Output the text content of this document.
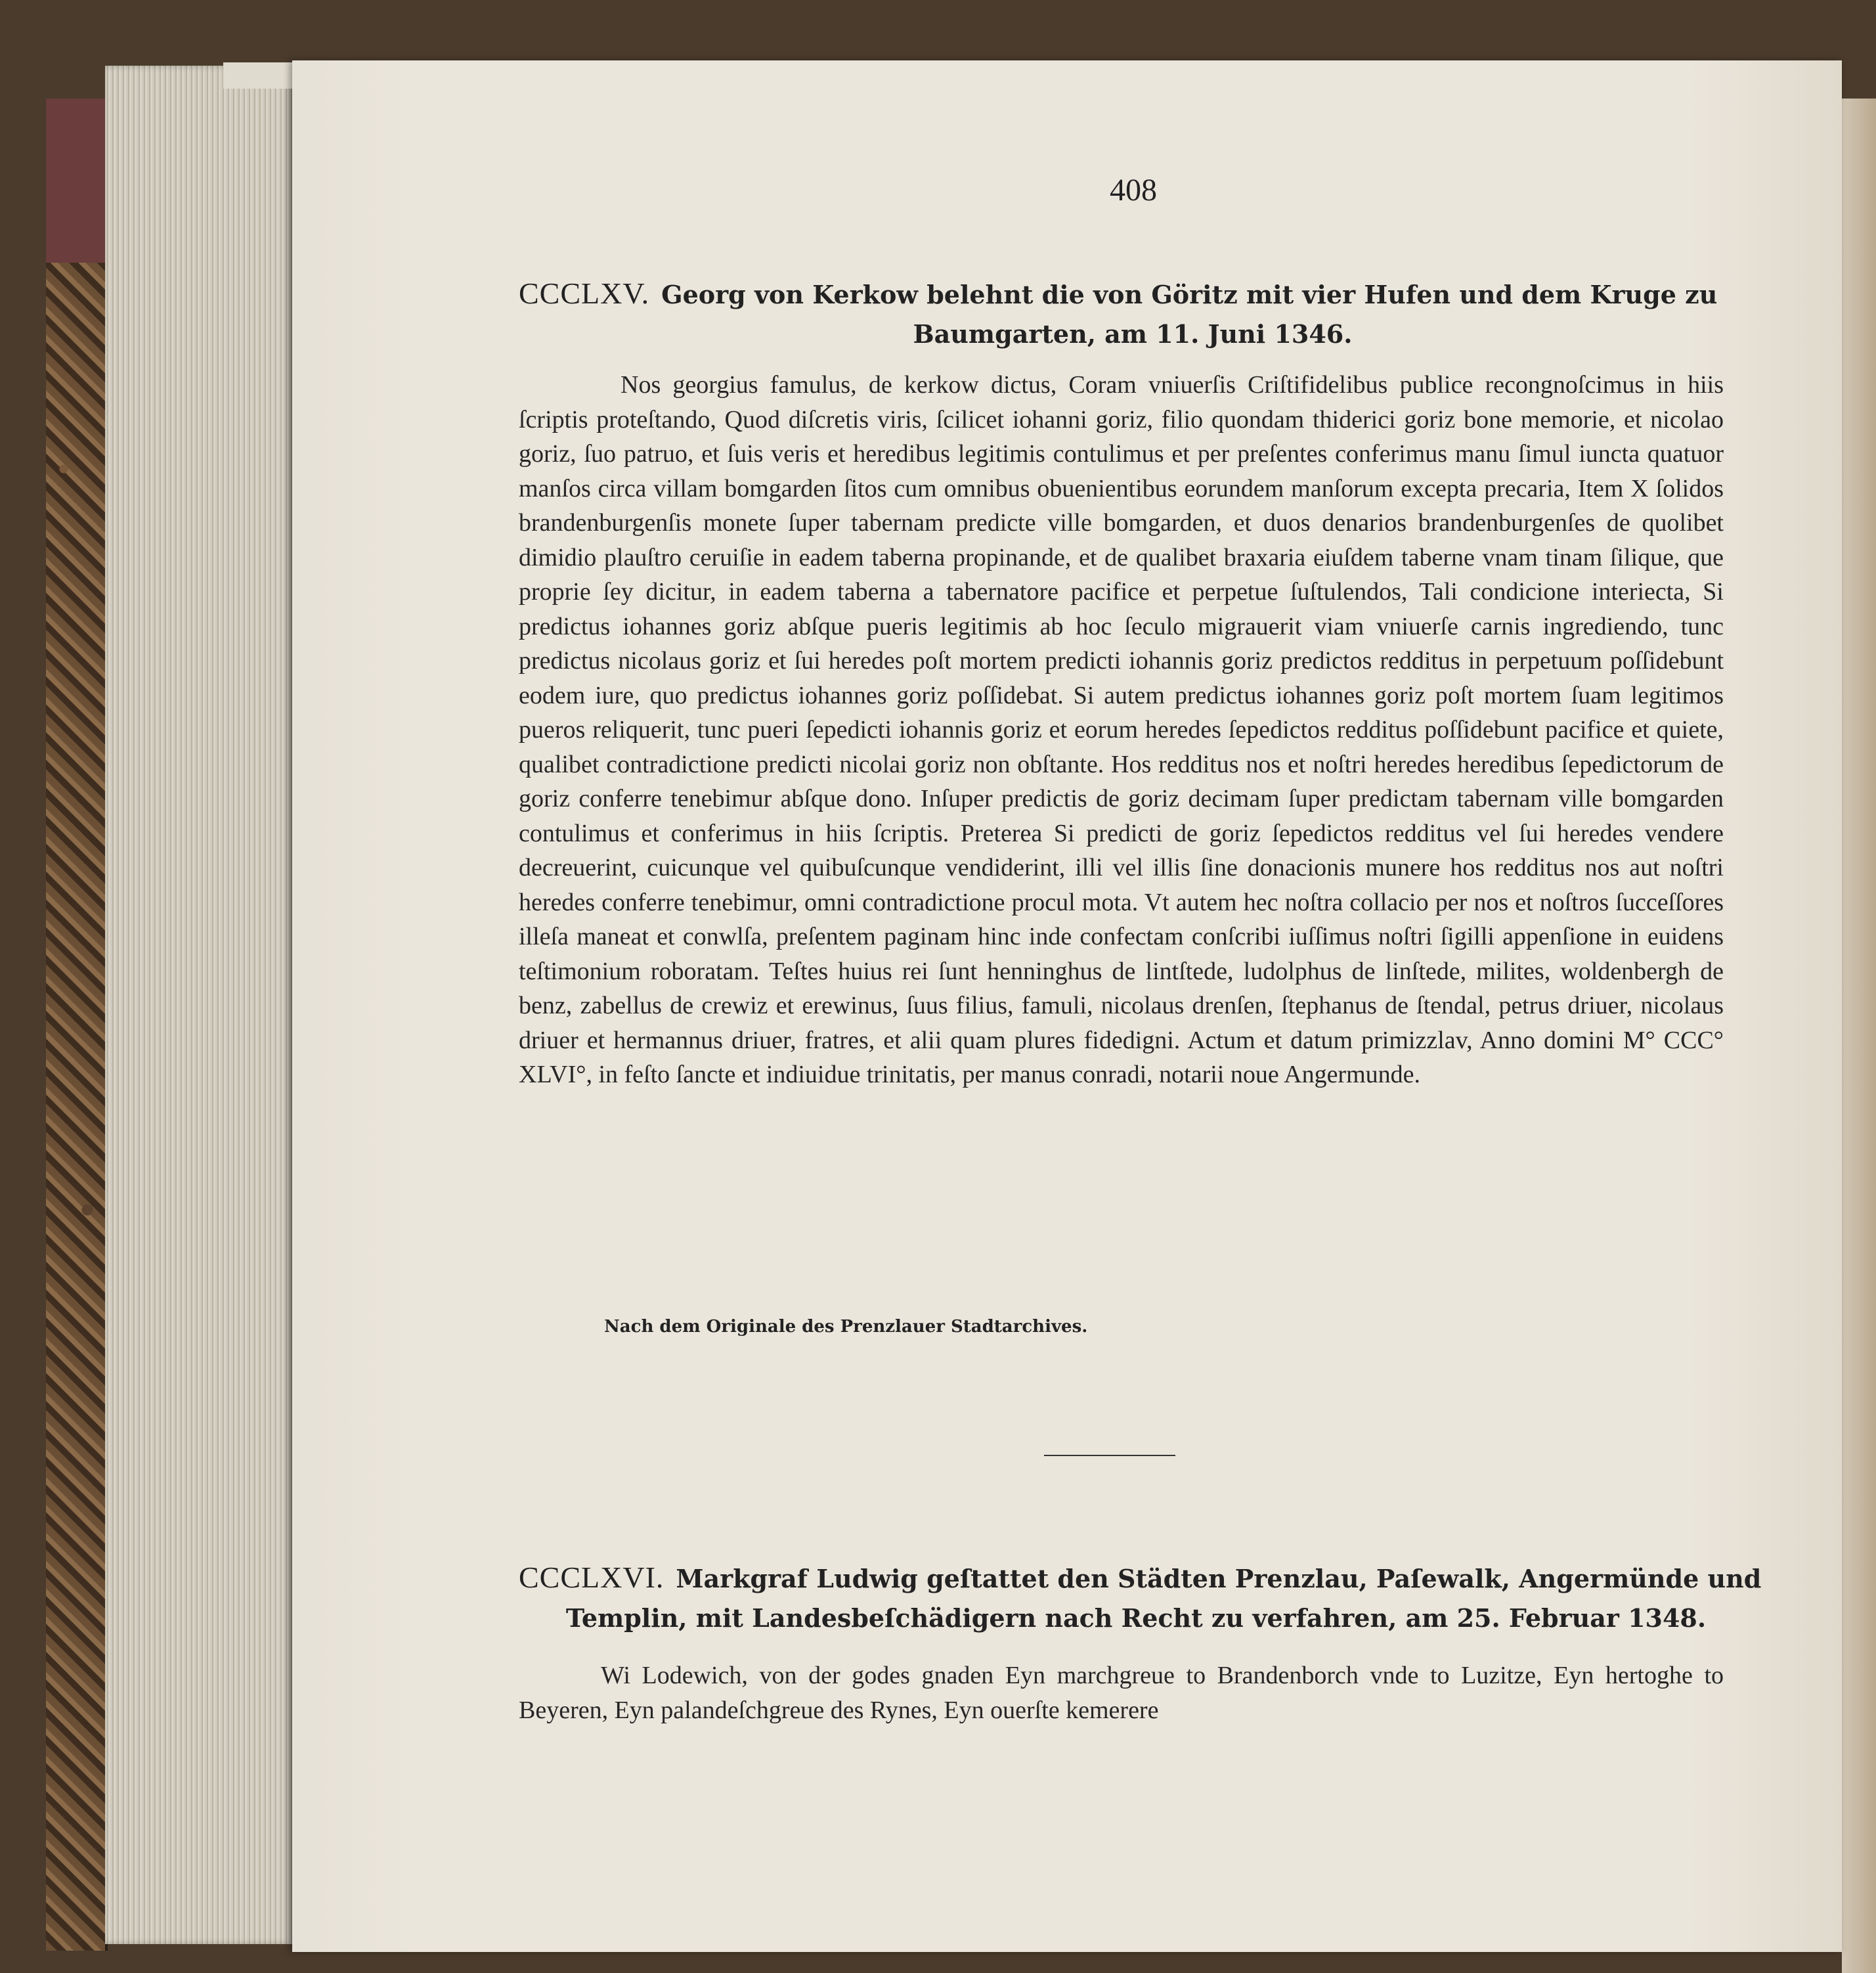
408
CCCLXV. Georg von Kerkow belehnt die von Göritz mit vier Hufen und dem Kruge zu
Baumgarten, am 11. Juni 1346.

Nos georgius famulus, de kerkow dictus, Coram vniuerſis Criſtifidelibus publice recongnoſcimus in hiis ſcriptis proteſtando, Quod diſcretis viris, ſcilicet iohanni goriz, filio quondam thiderici goriz bone memorie, et nicolao goriz, ſuo patruo, et ſuis veris et heredibus legitimis contulimus et per preſentes conferimus manu ſimul iuncta quatuor manſos circa villam bomgarden ſitos cum omnibus obuenientibus eorundem manſorum excepta precaria, Item X ſolidos brandenburgenſis monete ſuper tabernam predicte ville bomgarden, et duos denarios brandenburgenſes de quolibet dimidio plauſtro ceruiſie in eadem taberna propinande, et de qualibet braxaria eiuſdem taberne vnam tinam ſilique, que proprie ſey dicitur, in eadem taberna a tabernatore pacifice et perpetue ſuſtulendos, Tali condicione interiecta, Si predictus iohannes goriz abſque pueris legitimis ab hoc ſeculo migrauerit viam vniuerſe carnis ingrediendo, tunc predictus nicolaus goriz et ſui heredes poſt mortem predicti iohannis goriz predictos redditus in perpetuum poſſidebunt eodem iure, quo predictus iohannes goriz poſſidebat. Si autem predictus iohannes goriz poſt mortem ſuam legitimos pueros reliquerit, tunc pueri ſepedicti iohannis goriz et eorum heredes ſepedictos redditus poſſidebunt pacifice et quiete, qualibet contradictione predicti nicolai goriz non obſtante. Hos redditus nos et noſtri heredes heredibus ſepedictorum de goriz conferre tenebimur abſque dono. Inſuper predictis de goriz decimam ſuper predictam tabernam ville bomgarden contulimus et conferimus in hiis ſcriptis. Preterea Si predicti de goriz ſepedictos redditus vel ſui heredes vendere decreuerint, cuicunque vel quibuſcunque vendiderint, illi vel illis ſine donacionis munere hos redditus nos aut noſtri heredes conferre tenebimur, omni contradictione procul mota. Vt autem hec noſtra collacio per nos et noſtros ſucceſſores illeſa maneat et conwlſa, preſentem paginam hinc inde confectam conſcribi iuſſimus noſtri ſigilli appenſione in euidens teſtimonium roboratam. Teſtes huius rei ſunt henninghus de lintſtede, ludolphus de linſtede, milites, woldenbergh de benz, zabellus de crewiz et erewinus, ſuus filius, famuli, nicolaus drenſen, ſtephanus de ſtendal, petrus driuer, nicolaus driuer et hermannus driuer, fratres, et alii quam plures fidedigni. Actum et datum primizzlav, Anno domini M° CCC° XLVI°, in feſto ſancte et indiuidue trinitatis, per manus conradi, notarii noue Angermunde.

Nach dem Originale des Prenzlauer Stadtarchives.
CCCLXVI. Markgraf Ludwig geſtattet den Städten Prenzlau, Paſewalk, Angermünde und
Templin, mit Landesbeſchädigern nach Recht zu verfahren, am 25. Februar 1348.

Wi Lodewich, von der godes gnaden Eyn marchgreue to Brandenborch vnde to Luzitze, Eyn hertoghe to Beyeren, Eyn palandeſchgreue des Rynes, Eyn ouerſte kemerere
